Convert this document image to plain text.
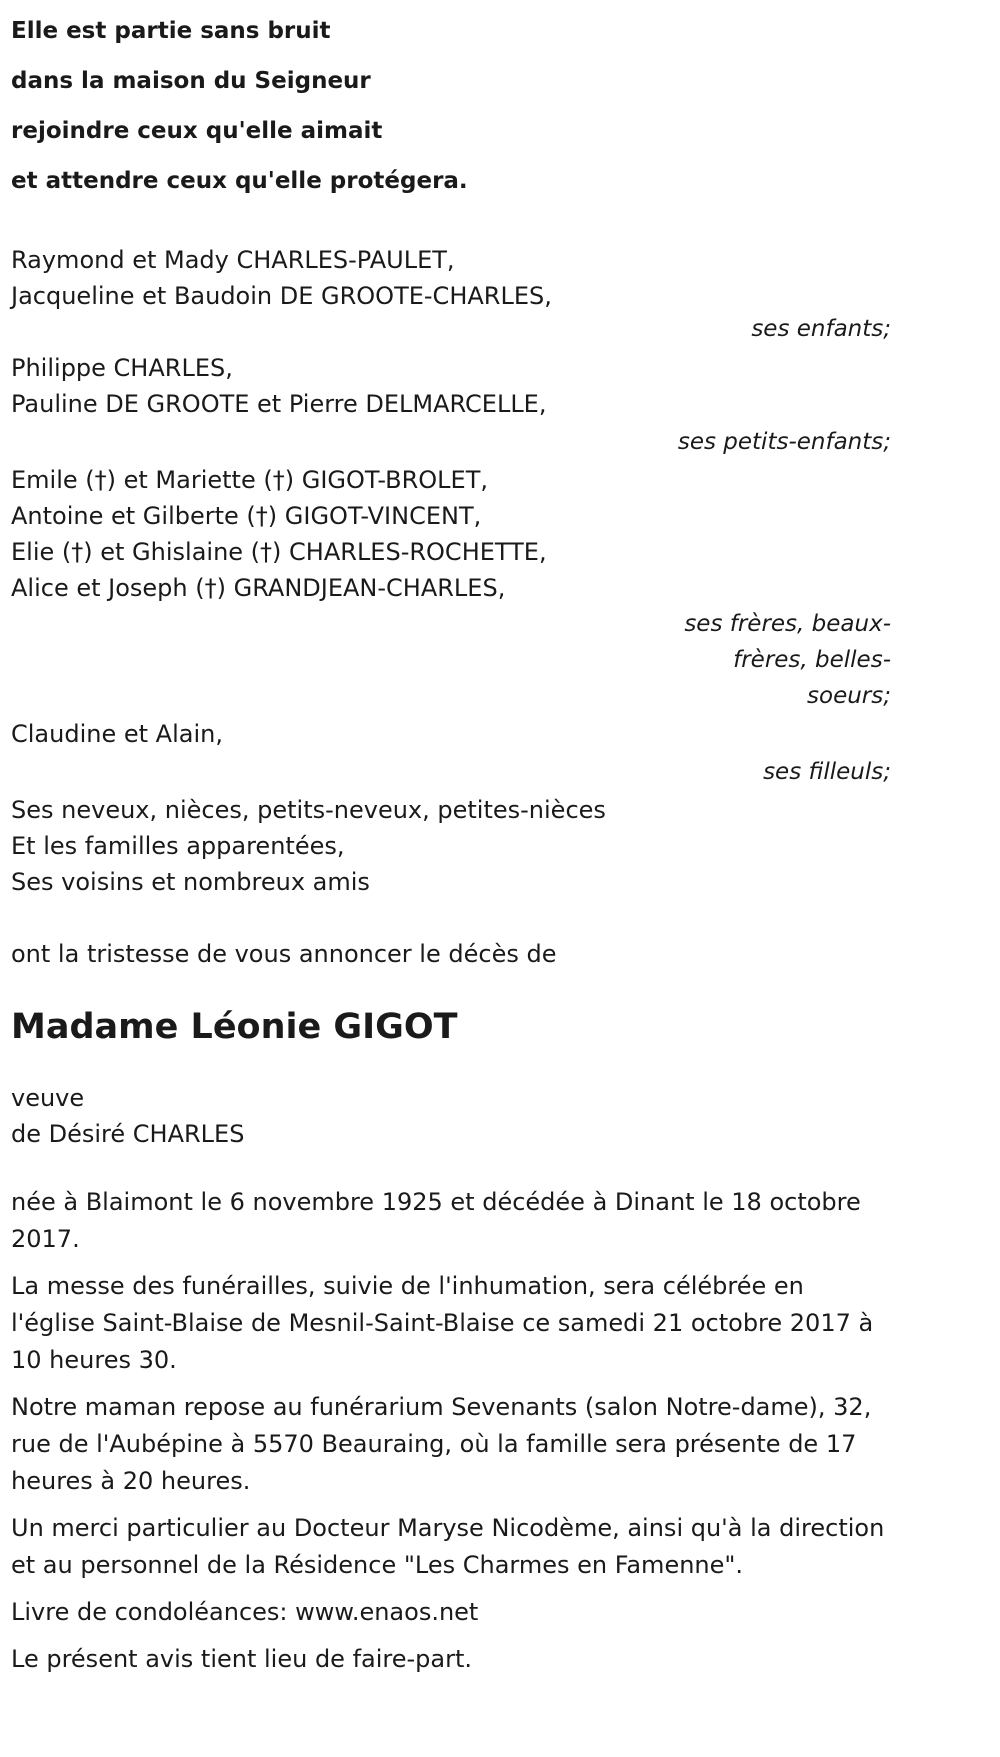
Elle est partie sans bruit
dans la maison du Seigneur
rejoindre ceux qu'elle aimait
et attendre ceux qu'elle protégera.
Raymond et Mady CHARLES-PAULET,
Jacqueline et Baudoin DE GROOTE-CHARLES,
ses enfants;
Philippe CHARLES,
Pauline DE GROOTE et Pierre DELMARCELLE,
ses petits-enfants;
Emile (†) et Mariette (†) GIGOT-BROLET,
Antoine et Gilberte (†) GIGOT-VINCENT,
Elie (†) et Ghislaine (†) CHARLES-ROCHETTE,
Alice et Joseph (†) GRANDJEAN-CHARLES,
ses frères, beaux-
frères, belles-
soeurs;
Claudine et Alain,
ses filleuls;
Ses neveux, nièces, petits-neveux, petites-nièces
Et les familles apparentées,
Ses voisins et nombreux amis
ont la tristesse de vous annoncer le décès de
Madame Léonie GIGOT
veuve
de Désiré CHARLES
née à Blaimont le 6 novembre 1925 et décédée à Dinant le 18 octobre 2017.
La messe des funérailles, suivie de l'inhumation, sera célébrée en l'église Saint-Blaise de Mesnil-Saint-Blaise ce samedi 21 octobre 2017 à 10 heures 30.
Notre maman repose au funérarium Sevenants (salon Notre-dame), 32, rue de l'Aubépine à 5570 Beauraing, où la famille sera présente de 17 heures à 20 heures.
Un merci particulier au Docteur Maryse Nicodème, ainsi qu'à la direction et au personnel de la Résidence "Les Charmes en Famenne".
Livre de condoléances: www.enaos.net
Le présent avis tient lieu de faire-part.
